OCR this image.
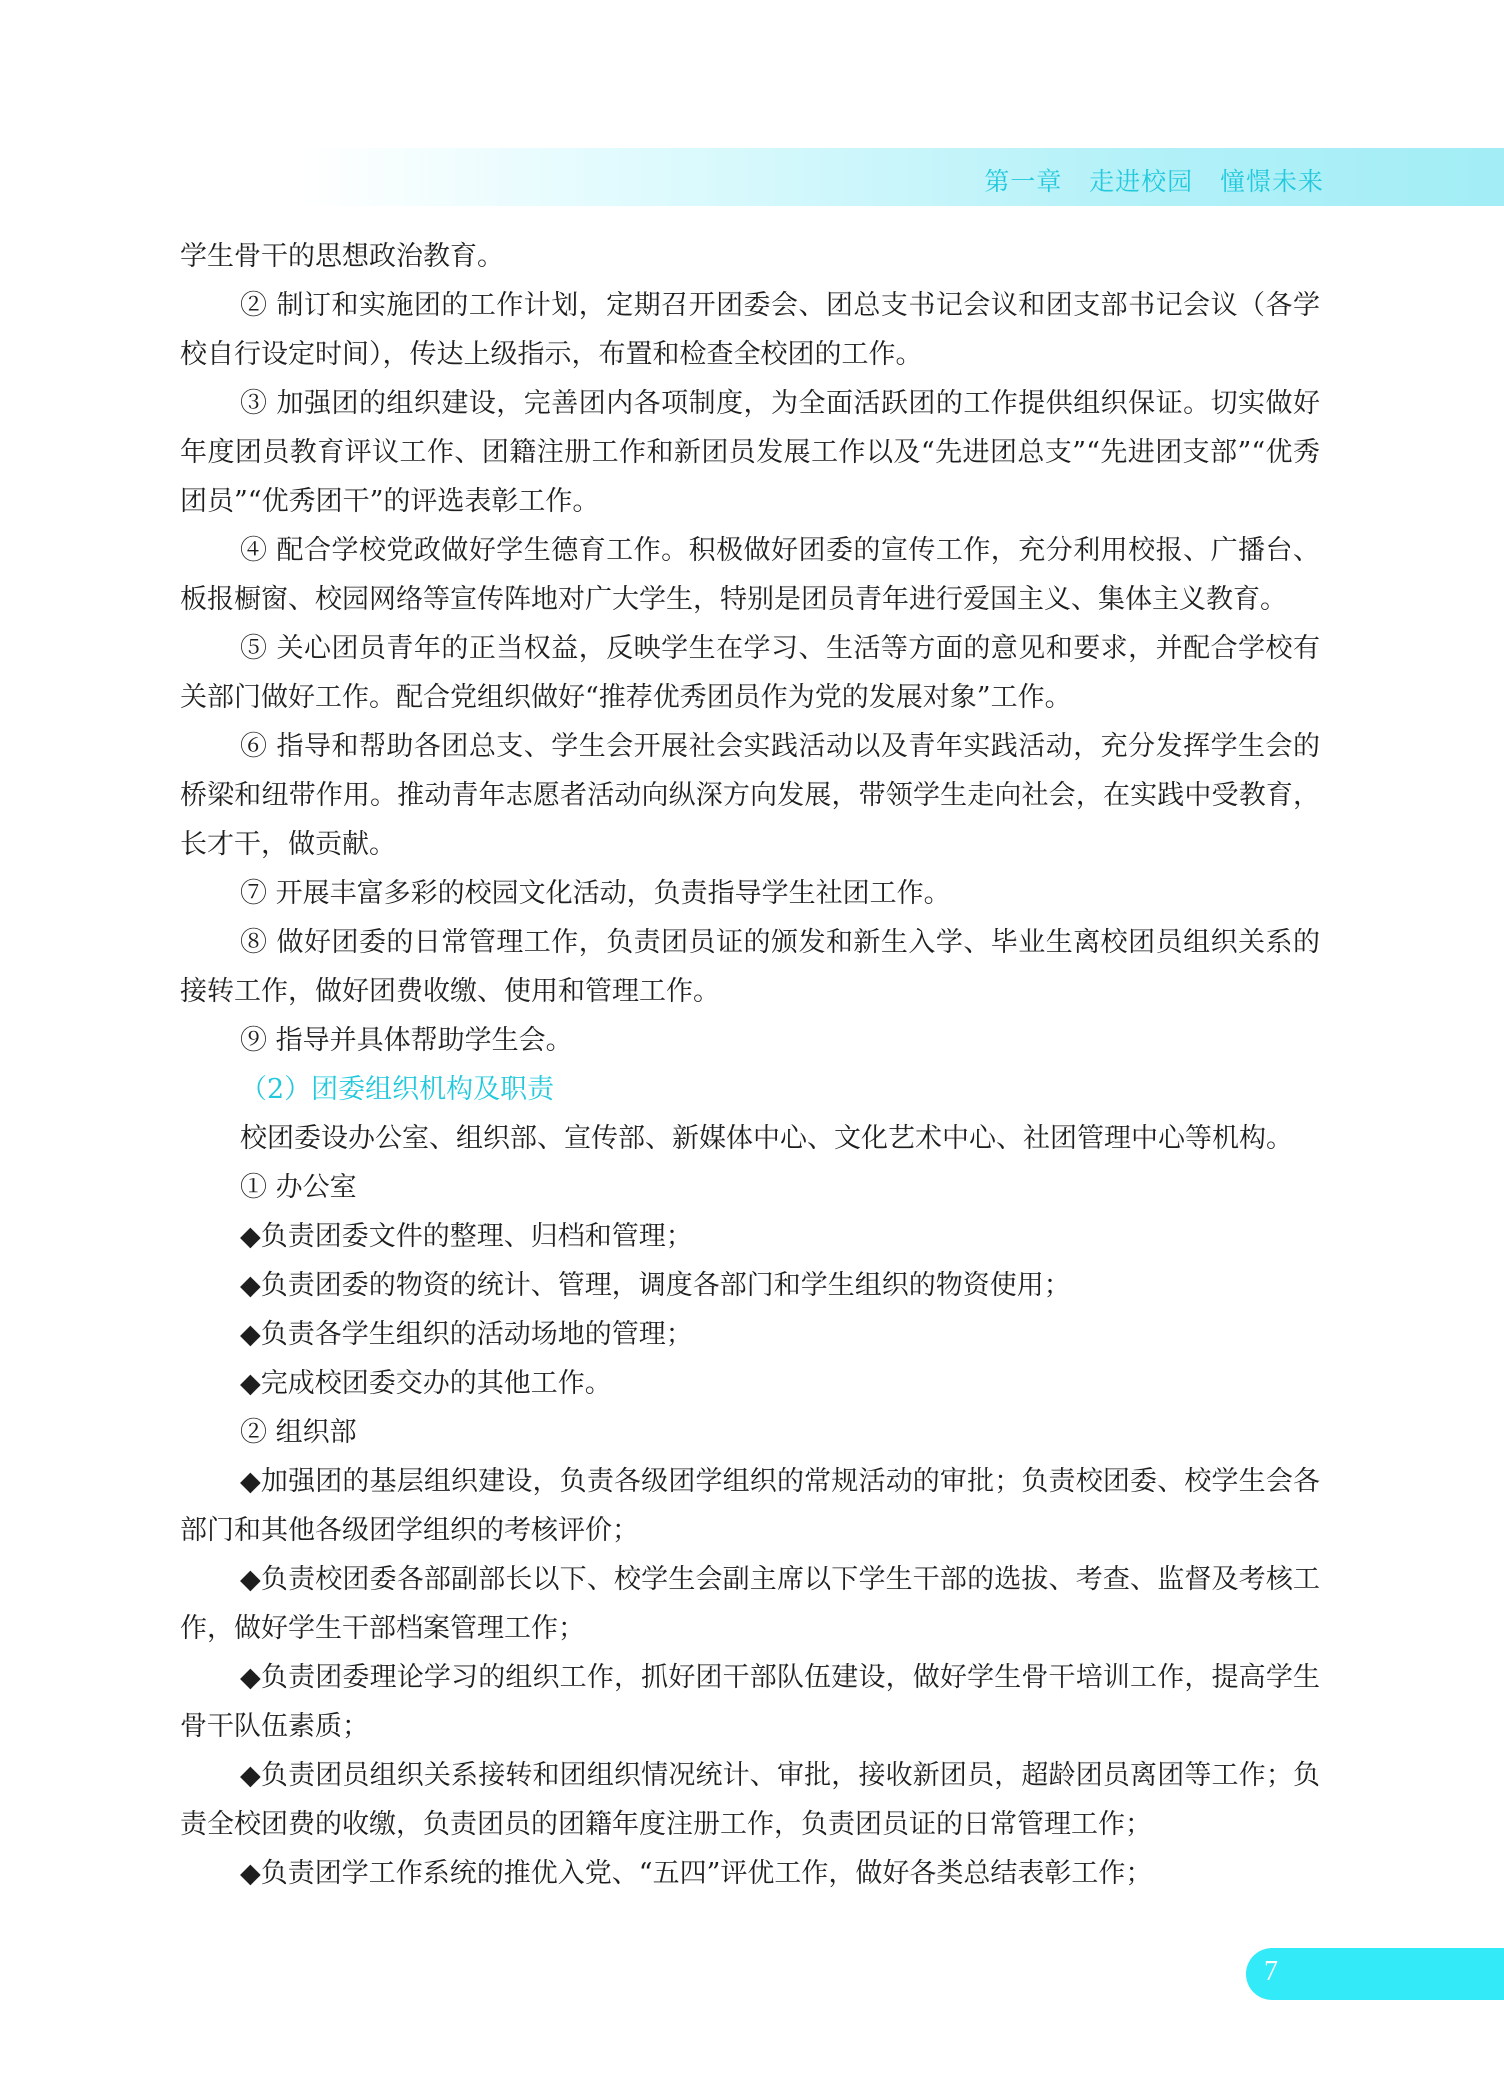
第一章   走进校园   憧憬未来

学生骨干的思想政治教育。

② 制订和实施团的工作计划，定期召开团委会、团总支书记会议和团支部书记会议（各学校自行设定时间），传达上级指示，布置和检查全校团的工作。

③ 加强团的组织建设，完善团内各项制度，为全面活跃团的工作提供组织保证。切实做好年度团员教育评议工作、团籍注册工作和新团员发展工作以及“先进团总支”“先进团支部”“优秀团员”“优秀团干”的评选表彰工作。

④ 配合学校党政做好学生德育工作。积极做好团委的宣传工作，充分利用校报、广播台、板报橱窗、校园网络等宣传阵地对广大学生，特别是团员青年进行爱国主义、集体主义教育。

⑤ 关心团员青年的正当权益，反映学生在学习、生活等方面的意见和要求，并配合学校有关部门做好工作。配合党组织做好“推荐优秀团员作为党的发展对象”工作。

⑥ 指导和帮助各团总支、学生会开展社会实践活动以及青年实践活动，充分发挥学生会的桥梁和纽带作用。推动青年志愿者活动向纵深方向发展，带领学生走向社会，在实践中受教育，长才干，做贡献。

⑦ 开展丰富多彩的校园文化活动，负责指导学生社团工作。

⑧ 做好团委的日常管理工作，负责团员证的颁发和新生入学、毕业生离校团员组织关系的接转工作，做好团费收缴、使用和管理工作。

⑨ 指导并具体帮助学生会。

（2）团委组织机构及职责

校团委设办公室、组织部、宣传部、新媒体中心、文化艺术中心、社团管理中心等机构。

① 办公室

◆负责团委文件的整理、归档和管理；

◆负责团委的物资的统计、管理，调度各部门和学生组织的物资使用；

◆负责各学生组织的活动场地的管理；

◆完成校团委交办的其他工作。

② 组织部

◆加强团的基层组织建设，负责各级团学组织的常规活动的审批；负责校团委、校学生会各部门和其他各级团学组织的考核评价；

◆负责校团委各部副部长以下、校学生会副主席以下学生干部的选拔、考查、监督及考核工作，做好学生干部档案管理工作；

◆负责团委理论学习的组织工作，抓好团干部队伍建设，做好学生骨干培训工作，提高学生骨干队伍素质；

◆负责团员组织关系接转和团组织情况统计、审批，接收新团员，超龄团员离团等工作；负责全校团费的收缴，负责团员的团籍年度注册工作，负责团员证的日常管理工作；

◆负责团学工作系统的推优入党、“五四”评优工作，做好各类总结表彰工作；

7
